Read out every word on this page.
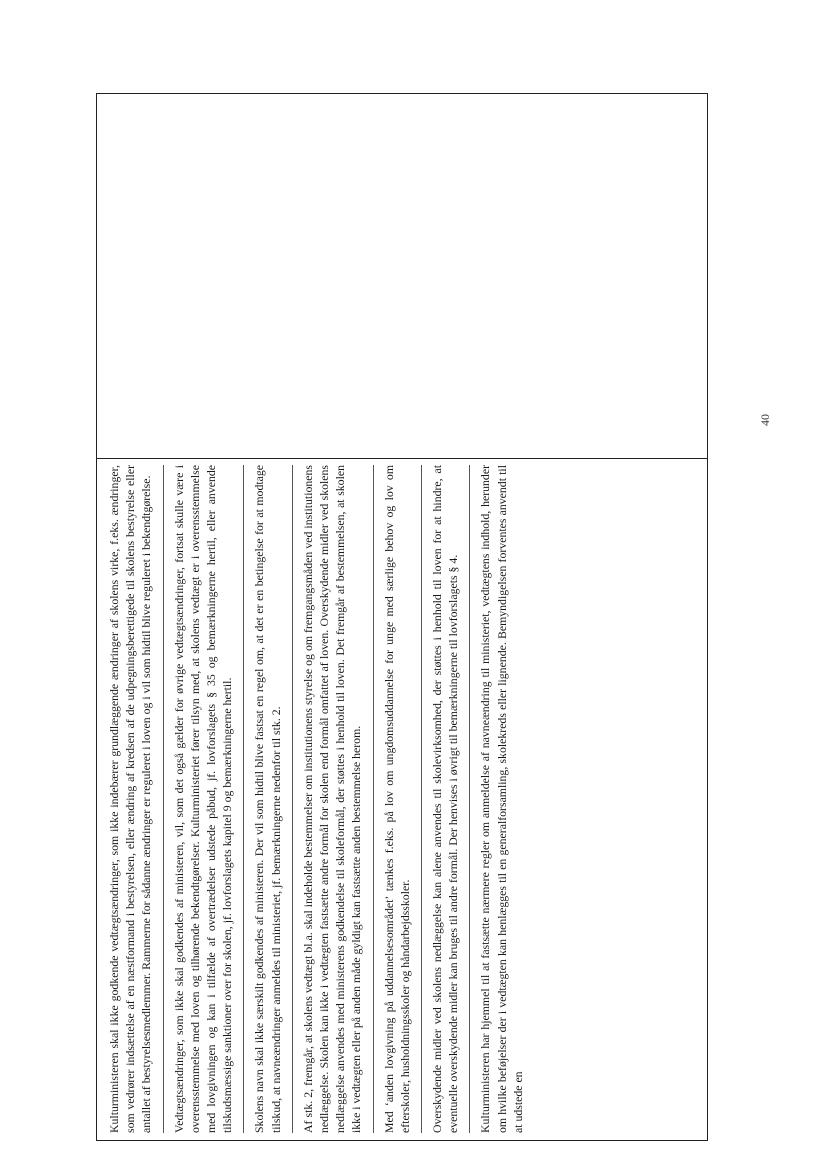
Kulturministeren skal ikke godkende vedtægtsændringer, som ikke indebærer grundlæggende ændringer af skolens virke, f.eks. ændringer, som vedrører indsættelse af en næstformand i bestyrelsen, eller ændring af kredsen af de udpegningsberettigede til skolens bestyrelse eller antallet af bestyrelsesmedlemmer. Rammerne for sådanne ændringer er reguleret i loven og i vil som hidtil blive reguleret i bekendtgørelse.	Vedtægtsændringer, som ikke skal godkendes af ministeren, vil, som det også gælder for øvrige vedtægtsændringer, fortsat skulle være i overensstemmelse med loven og tilhørende bekendtgørelser. Kulturministeriet fører tilsyn med, at skolens vedtægt er i overensstemmelse med lovgivningen og kan i tilfælde af overtrædelser udstede påbud, jf. lovforslagets § 35 og bemærkningerne hertil, eller anvende tilskudsmæssige sanktioner over for skolen, jf. lovforslagets kapitel 9 og bemærkningerne hertil.	Skolens navn skal ikke særskilt godkendes af ministeren. Der vil som hidtil blive fastsat en regel om, at det er en betingelse for at modtage tilskud, at navneændringer anmeldes til ministeriet, jf. bemærkningerne nedenfor til stk. 2.	Af stk. 2, fremgår, at skolens vedtægt bl.a. skal indeholde bestemmelser om institutionens styrelse og om fremgangsmåden ved institutionens nedlæggelse. Skolen kan ikke i vedtægten fastsætte andre formål for skolen end formål omfattet af loven. Overskydende midler ved skolens nedlæggelse anvendes med ministerens godkendelse til skoleformål, der støttes i henhold til loven. Det fremgår af bestemmelsen, at skolen ikke i vedtægten eller på anden måde gyldigt kan fastsætte anden bestemmelse herom.	Med ‘anden lovgivning på uddannelsesområdet’ tænkes f.eks. på lov om ungdomsuddannelse for unge med særlige behov og lov om efterskoler, husholdningsskoler og håndarbejdsskoler.	Overskydende midler ved skolens nedlæggelse kan alene anvendes til skolevirksomhed, der støttes i henhold til loven for at hindre, at eventuelle overskydende midler kan bruges til andre formål. Der henvises i øvrigt til bemærkningerne til lovforslagets § 4.	Kulturministeren har hjemmel til at fastsætte nærmere regler om anmeldelse af navneændring til ministeriet, vedtægtens indhold, herunder om hvilke beføjelser der i vedtægten kan henlægges til en generalforsamling, skolekreds eller lignende. Bemyndigelsen forventes anvendt til at udstede en

40
